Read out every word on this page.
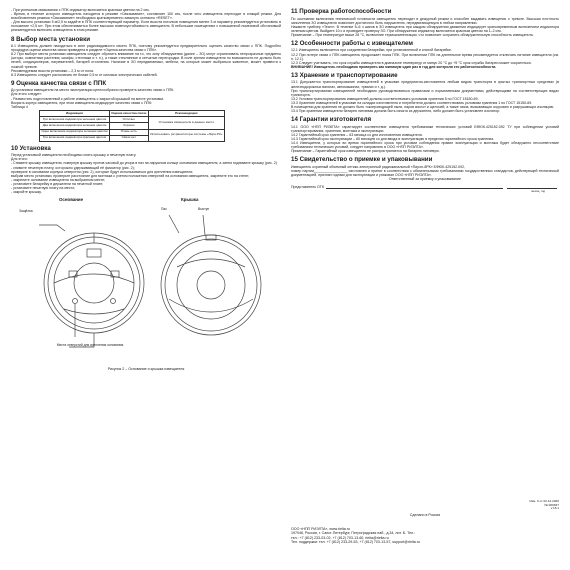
- При успешном связывании с ППК индикатор включается красным цветом на 2 сек.

- Время, в течение которого извещатель находится в режиме «Связывание», составляет 100 сек, после чего извещатель переходит в спящий режим. Для возобновления режима «Связывание» необходимо кратковременно замкнуть контакты «RESET».

- Для высоты установки 5 м/2,5 м задайте в ППК соответствующий параметр. Если высота потолков помещения менее 3 м параметр рекомендуется установить в положение «2,5 м». При этом обеспечивается более высокая помехоустойчивость извещателя. В небольших помещениях с повышенной помеховой обстановкой рекомендуется включить извещатель в этом режиме.

8 Выбор места установки

8.1 Извещатель должен находиться в зоне радиовидимости своего ППК, поэтому рекомендуется предварительно оценить качество связи с ППК. Подробно процедура оценки качества связи приведена в разделе «Оценка качества связи с ППК».

8.2 При выборе места установки извещателя следует обратить внимание на то, что зону обнаружения (далее – ЗО) могут ограничивать непрозрачные предметы (шторы, комнатные растения, шкафы, стеллажи и т. п.), а также стеклянные и сетчатые перегородки. В поле зрения извещателя по возможности не должно быть печей, кондиционеров, нагревателей, батарей отопления. Наличие в ЗО передвигаемых, мебели, на которые может выбраться животное, может привести к ложной тревоге.

Рекомендуемая высота установки – 2,3 м от пола.

8.3 Извещатель следует располагать не ближе 0,5 м от силовых электрических кабелей.

9 Оценка качества связи с ППК

До установки извещателя на место эксплуатации целесообразно проверить качество связи с ППК.

Для этого следует:

- Разместить подготовленный к работе извещатель с закрытой крышкой на месте установки.

Вскрыть корпус извещателя, при этом извещатель индицирует качество связи с ППК:

Таблица 4

Индикация	Оценка качества связи	Рекомендации
Три включения индикатора зеленым цветом	Отлично	Установка извещателя в данное место
Два включения индикатора зеленым цветом	Хорошо	
Одно включение индикатора зеленым цветом	Очень есть	Использовать ретрансляторы системы «Лира-РК»
Три включения индикатора красным цветом	Связи нет	
10 Установка

Перед установкой извещателя необходимо снять крышку и печатную плату.

Для этого:

- Снимите крышку извещателя, повернув крышку против часовой до упора в паз на наружном кольце основания извещателя, а затем поднимите крышку (рис. 2)

- снимите печатную плату, осторожно удерживающий её фиксатор (рис. 2);

проверьте в основании корпуса отверстия (рис. 2), которые будут использоваться для крепления извещателя;

выбрав место установки, проверьте расстояние для монтажа с учетом положения отверстий на основании извещателя, закрепите его на стене;

- закрепите основание извещателя на выбранном месте;

- установите батарейку в держатели на печатной плате;

- установите печатную плату на место;

- закройте крышку.

Основание	Крышка
Защёлка	Паз	Выступ
Места отверстий для крепления основания
Рисунок 2 – Основание и крышка извещателя
11 Проверка работоспособности

По окончании включения технической готовности извещатель переходит в дежурный режим и способен выдавать извещения о тревоге. Высокая плотность заполнения ЗО извещателя позволяет достаточно быть нарушителю, передвигающемуся в любом направлении.

Нажмите тумблер «Tecm». В течение 5–6 ч шагов в ЗО извещатель при каждом обнаружении движения индицирует кратковременным включением индикатора зеленым цветом. Выйдите 10 с и проведите проверку ЗО. При обнаружении индикатор включается красным цветом на 1–2 сек.

Примечание – При температуре выше 28 °С, включение термокомпенсации, что позволяет сохранить обнаружительную способность извещателя.

12 Особенности работы с извещателем

12.1 Извещатель включается при соединении батарейки, при установленной и снятой батарейке.

12.2 При потере связи с ППК извещатель продолжает поиск ППК. При включении ППК на длительное время рекомендуется отключать питание извещателя (см. п. 12.1).

12.3 Следует учитывать, что срок службы извещателя в диапазоне температур от минус 20 °С до +5 °С срок службы батареи может сократиться.

ВНИМАНИЕ! Извещатель необходимо проверять как минимум один раз в год для контроля его работоспособности.

13 Хранение и транспортирование

13.1 Допускается транспортирование извещателей в упаковке предприятия-изготовителя любым видом транспорта в крытых транспортных средствах (в железнодорожных вагонах, автомашинах, трюмах и т. д.).

При транспортировании извещателей необходимо руководствоваться правилами и нормативными документами, действующими на соответствующих видах транспорта.

13.2 Условия транспортирования извещателей должны соответствовать условиям хранения 5 по ГОСТ 15150-69.

13.3 Хранение извещателей в упаковке на складах изготовителя и потребителя должно соответствовать условиям хранения 1 по ГОСТ 15150-69.

В помещении для хранения не должно быть токопроводящей пыли, паров кислот и щелочей, а также газов, вызывающих коррозию и разрушающих изоляцию.

13.4 При хранении извещателя батарея литиевая должна быть изъята из держателя, либо должен быть установлен изолятор.

14 Гарантии изготовителя

14.1 ООО «НПП РИЭЛТА» гарантирует соответствие извещателя требованиям технических условий БФЮК.425152.092 ТУ при соблюдении условий транспортирования, хранения, монтажа и эксплуатации.

14.2 Гарантийный срок хранения – 63 месяца со дня изготовления извещателя.

14.3 Гарантийный срок эксплуатации – 60 месяцев со дня ввода в эксплуатацию в пределах гарантийного срока хранения.

14.4 Извещатели, у которых во время гарантийного срока при условии соблюдения правил эксплуатации и монтажа будет обнаружено несоответствие требованиям технических условий, следует направлять в ООО «НПП РИЭЛТА».

Примечание – Гарантийный срок извещателя не распространяется на батарею литиевую.

15 Свидетельство о приемке и упаковывании

Извещатель охранный объемный оптико-электронный радиоканальный «Пирон-8РК» БФЮК.425152.092,

номер партии_________________ изготовлен и принят в соответствии с обязательными требованиями государственных стандартов, действующей технической документацией, признан годным для эксплуатации и упакован ООО «НПП РИЭЛТА».

Ответственный за приемку и упаковывание

Представитель ОТК
месяц, год
Изм. 0 от 02.12.2020
№ 000637
v.15.1
Сделано в России
ООО «НПП РИЭЛТА», www.rielta.ru
197046, Россия, г. Санкт-Петербург, Петроградская наб., д.34, лит. Б. Тел.:
тел.: +7 (812) 233-03-02, +7 (812) 703-13-60, rielta@rielta.ru
Тел. поддержки: тел. +7 (812) 233-29-53, +7 (812) 703-13-57, support@rielta.ru
